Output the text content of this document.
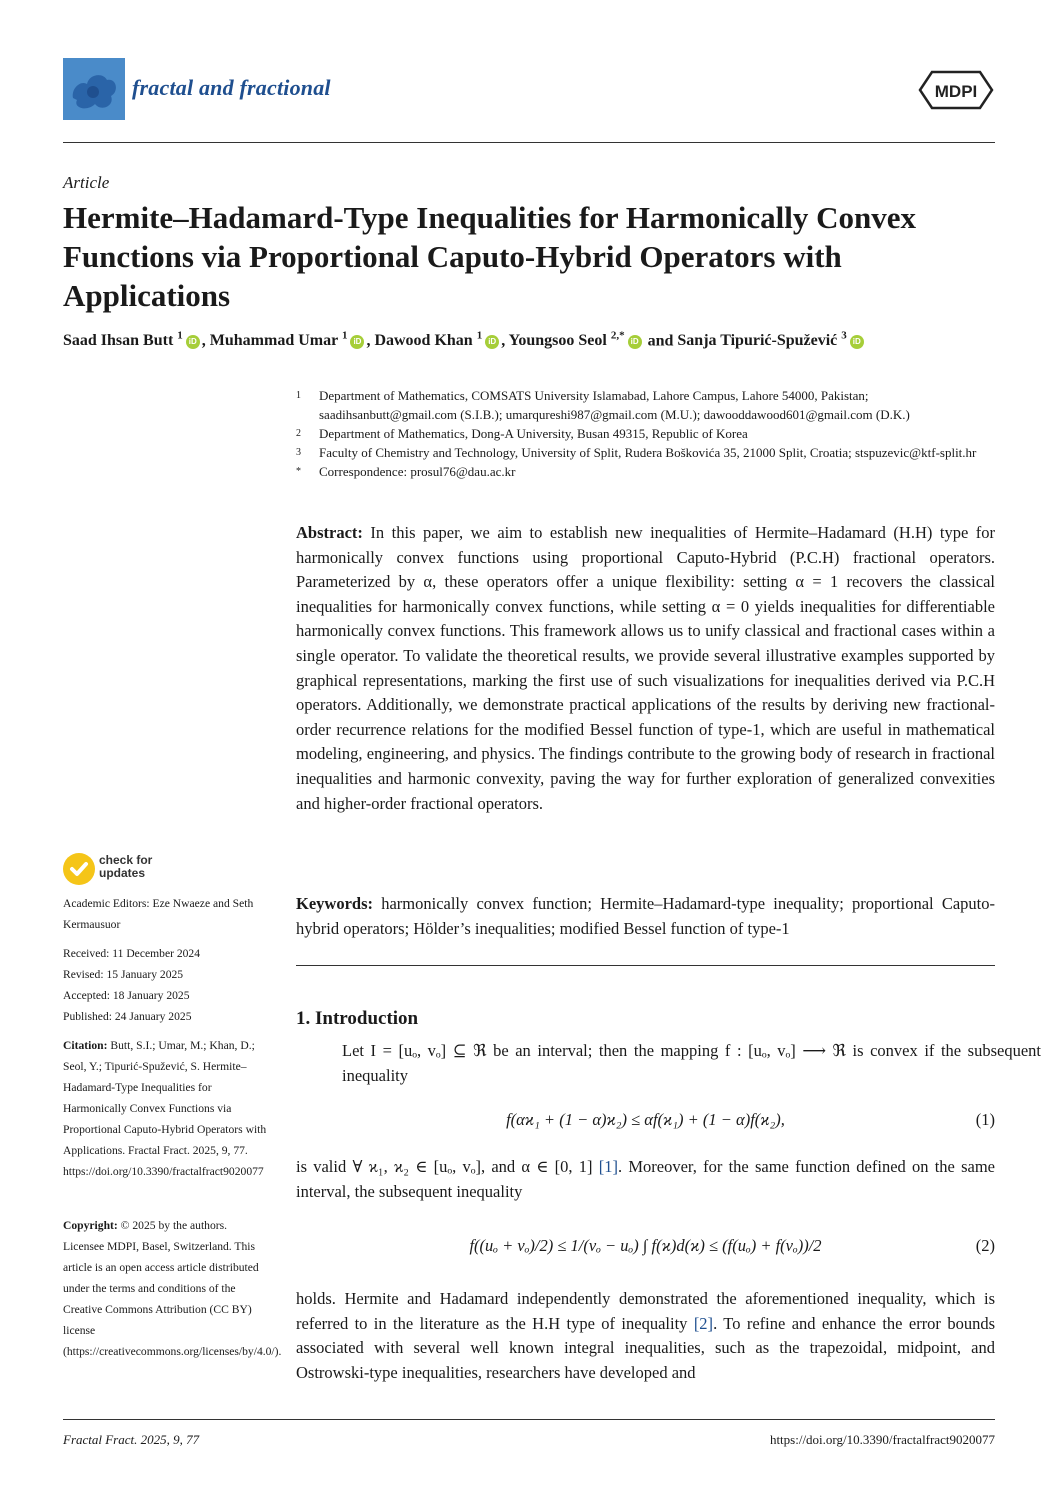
fractal and fractional	MDPI
Article
Hermite–Hadamard-Type Inequalities for Harmonically Convex Functions via Proportional Caputo-Hybrid Operators with Applications
Saad Ihsan Butt $^1$ iD , Muhammad Umar $^1$ iD , Dawood Khan $^1$ iD , Youngsoo Seol $^{2,*}$ iD and Sanja Tipurić-Spužević $^3$ iD
1	Department of Mathematics, COMSATS University Islamabad, Lahore Campus, Lahore 54000, Pakistan; saadihsanbutt@gmail.com (S.I.B.); umarqureshi987@gmail.com (M.U.); dawooddawood601@gmail.com (D.K.)
2	Department of Mathematics, Dong-A University, Busan 49315, Republic of Korea
3	Faculty of Chemistry and Technology, University of Split, Rudera Boškovića 35, 21000 Split, Croatia; stspuzevic@ktf-split.hr
*	Correspondence: prosul76@dau.ac.kr
Abstract: In this paper, we aim to establish new inequalities of Hermite–Hadamard (H.H) type for harmonically convex functions using proportional Caputo-Hybrid (P.C.H) fractional operators. Parameterized by α, these operators offer a unique flexibility: setting α = 1 recovers the classical inequalities for harmonically convex functions, while setting α = 0 yields inequalities for differentiable harmonically convex functions. This framework allows us to unify classical and fractional cases within a single operator. To validate the theoretical results, we provide several illustrative examples supported by graphical representations, marking the first use of such visualizations for inequalities derived via P.C.H operators. Additionally, we demonstrate practical applications of the results by deriving new fractional-order recurrence relations for the modified Bessel function of type-1, which are useful in mathematical modeling, engineering, and physics. The findings contribute to the growing body of research in fractional inequalities and harmonic convexity, paving the way for further exploration of generalized convexities and higher-order fractional operators.
Keywords: harmonically convex function; Hermite–Hadamard-type inequality; proportional Caputo-hybrid operators; Hölder’s inequalities; modified Bessel function of type-1
1. Introduction
Let I = [uₒ, vₒ] ⊆ ℜ be an interval; then the mapping f : [uₒ, vₒ] ⟶ ℜ is convex if the subsequent inequality
f(αϰ₁ + (1 − α)ϰ₂) ≤ αf(ϰ₁) + (1 − α)f(ϰ₂),	(1)
is valid ∀ ϰ₁, ϰ₂ ∈ [uₒ, vₒ], and α ∈ [0, 1] [1]. Moreover, for the same function defined on the same interval, the subsequent inequality
f((uₒ + vₒ)/2) ≤ 1/(vₒ − uₒ) ∫ f(ϰ)d(ϰ) ≤ (f(uₒ) + f(vₒ))/2	(2)
holds. Hermite and Hadamard independently demonstrated the aforementioned inequality, which is referred to in the literature as the H.H type of inequality [2]. To refine and enhance the error bounds associated with several well known integral inequalities, such as the trapezoidal, midpoint, and Ostrowski-type inequalities, researchers have developed and
check for
updates
Academic Editors: Eze Nwaeze and Seth Kermausuor
Received: 11 December 2024
Revised: 15 January 2025
Accepted: 18 January 2025
Published: 24 January 2025
Citation: Butt, S.I.; Umar, M.; Khan, D.; Seol, Y.; Tipurić-Spužević, S. Hermite–Hadamard-Type Inequalities for Harmonically Convex Functions via Proportional Caputo-Hybrid Operators with Applications. Fractal Fract. 2025, 9, 77. https://doi.org/10.3390/fractalfract9020077
Copyright: © 2025 by the authors. Licensee MDPI, Basel, Switzerland. This article is an open access article distributed under the terms and conditions of the Creative Commons Attribution (CC BY) license (https://creativecommons.org/licenses/by/4.0/).
Fractal Fract. 2025, 9, 77	https://doi.org/10.3390/fractalfract9020077
